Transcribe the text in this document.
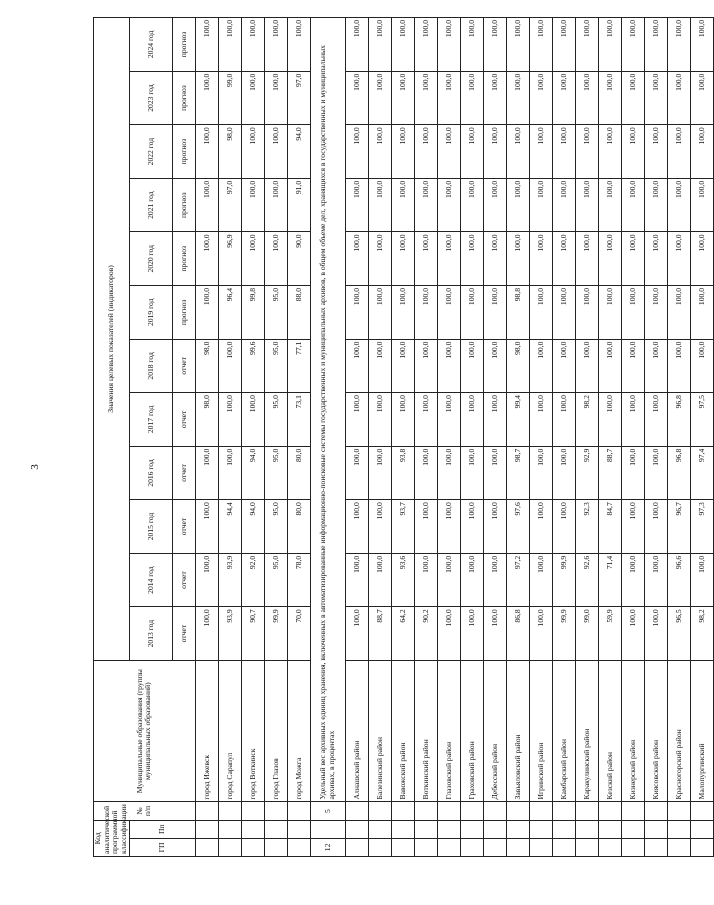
3
Код аналитической программной классификации		№ п/п	Муниципальные образования (группы муниципальных образований)	Значения целевых показателей (индикаторов)											
ГП	Пп			2013 год	2014 год	2015 год	2016 год	2017 год	2018 год	2019 год	2020 год	2021 год	2022 год	2023 год	2024 год
				отчет	отчет	отчет	отчет	отчет	отчет	прогноз	прогноз	прогноз	прогноз	прогноз	прогноз
			город Ижевск	100,0	100,0	100,0	100,0	98,0	98,0	100,0	100,0	100,0	100,0	100,0	100,0
			город Сарапул	93,9	93,9	94,4	100,0	100,0	100,0	96,4	96,9	97,0	98,0	99,0	100,0
			город Воткинск	90,7	92,0	94,0	94,0	100,0	99,6	99,8	100,0	100,0	100,0	100,0	100,0
			город Глазов	99,9	95,0	95,0	95,0	95,0	95,0	95,0	100,0	100,0	100,0	100,0	100,0
			город Можга	70,0	78,0	80,0	80,0	73,1	77,1	88,0	90,0	91,0	94,0	97,0	100,0
12		5	Удельный вес архивных единиц хранения, включенных в автоматизированные информационно-поисковые системы государственных и муниципальных архивов, в общем объеме дел, хранящихся в государственных и муниципальных архивах, в процентах												
			Алнашский район	100,0	100,0	100,0	100,0	100,0	100,0	100,0	100,0	100,0	100,0	100,0	100,0
			Балезинский район	88,7	100,0	100,0	100,0	100,0	100,0	100,0	100,0	100,0	100,0	100,0	100,0
			Вавожский район	64,2	93,6	93,7	93,8	100,0	100,0	100,0	100,0	100,0	100,0	100,0	100,0
			Воткинский район	90,2	100,0	100,0	100,0	100,0	100,0	100,0	100,0	100,0	100,0	100,0	100,0
			Глазовский район	100,0	100,0	100,0	100,0	100,0	100,0	100,0	100,0	100,0	100,0	100,0	100,0
			Граховский район	100,0	100,0	100,0	100,0	100,0	100,0	100,0	100,0	100,0	100,0	100,0	100,0
			Дебесский район	100,0	100,0	100,0	100,0	100,0	100,0	100,0	100,0	100,0	100,0	100,0	100,0
			Завьяловский район	86,8	97,2	97,6	98,7	99,4	98,0	98,8	100,0	100,0	100,0	100,0	100,0
			Игринский район	100,0	100,0	100,0	100,0	100,0	100,0	100,0	100,0	100,0	100,0	100,0	100,0
			Камбарский район	99,9	99,9	100,0	100,0	100,0	100,0	100,0	100,0	100,0	100,0	100,0	100,0
			Каракулинский район	99,0	92,6	92,3	92,9	98,2	100,0	100,0	100,0	100,0	100,0	100,0	100,0
			Кезский район	59,9	71,4	84,7	88,7	100,0	100,0	100,0	100,0	100,0	100,0	100,0	100,0
			Кизнерский район	100,0	100,0	100,0	100,0	100,0	100,0	100,0	100,0	100,0	100,0	100,0	100,0
			Киясовский район	100,0	100,0	100,0	100,0	100,0	100,0	100,0	100,0	100,0	100,0	100,0	100,0
			Красногорский район	96,5	96,6	96,7	96,8	96,8	100,0	100,0	100,0	100,0	100,0	100,0	100,0
			Малопургинский	98,2	100,0	97,3	97,4	97,5	100,0	100,0	100,0	100,0	100,0	100,0	100,0
